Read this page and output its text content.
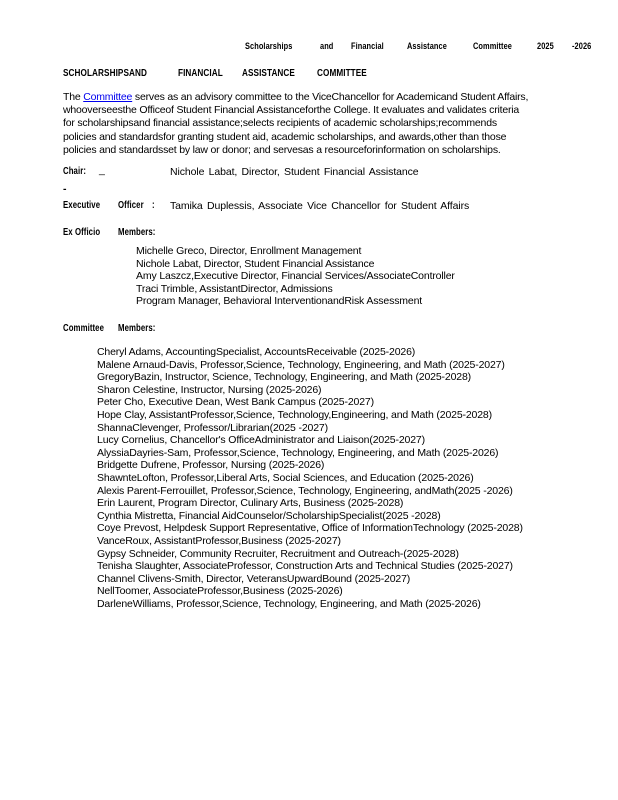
Scholarships	and Financial Assistance	Committee	2025 -2026
SCHOLARSHIPSAND	FINANCIAL ASSISTANCE COMMITTEE
The Committee serves as an advisory committee to the ViceChancellor for Academicand Student Affairs,
whooverseesthe Officeof Student Financial Assistanceforthe College. It evaluates and validates criteria
for scholarshipsand financial assistance;selects recipients of academic scholarships;recommends
policies and standardsfor granting student aid, academic scholarships, and awards,other than those
policies and standardsset by law or donor; and servesas a resourceforinformation on scholarships.
Chair: _	Nichole Labat, Director, Student Financial Assistance
-
Executive Officer : Tamika Duplessis, Associate Vice Chancellor for Student Affairs
Ex Officio Members:
Michelle Greco, Director, Enrollment Management
Nichole Labat, Director, Student Financial Assistance
Amy Laszcz,Executive Director, Financial Services/AssociateController
Traci Trimble, AssistantDirector, Admissions
Program Manager, Behavioral InterventionandRisk Assessment
Committee Members:
Cheryl Adams, AccountingSpecialist, AccountsReceivable (2025-2026)
Malene Arnaud-Davis, Professor,Science, Technology, Engineering, and Math (2025-2027)
GregoryBazin, Instructor, Science, Technology, Engineering, and Math (2025-2028)
Sharon Celestine, Instructor, Nursing (2025-2026)
Peter Cho, Executive Dean, West Bank Campus (2025-2027)
Hope Clay, AssistantProfessor,Science, Technology,Engineering, and Math (2025-2028)
ShannaClevenger, Professor/Librarian(2025 -2027)
Lucy Cornelius, Chancellor's OfficeAdministrator and Liaison(2025-2027)
AlyssiaDayries-Sam, Professor,Science, Technology, Engineering, and Math (2025-2026)
Bridgette Dufrene, Professor, Nursing (2025-2026)
ShawnteLofton, Professor,Liberal Arts, Social Sciences, and Education (2025-2026)
Alexis Parent-Ferrouillet, Professor,Science, Technology, Engineering, andMath(2025 -2026)
Erin Laurent, Program Director, Culinary Arts, Business (2025-2028)
Cynthia Mistretta, Financial AidCounselor/ScholarshipSpecialist(2025 -2028)
Coye Prevost, Helpdesk Support Representative, Office of InformationTechnology (2025-2028)
VanceRoux, AssistantProfessor,Business (2025-2027)
Gypsy Schneider, Community Recruiter, Recruitment and Outreach-(2025-2028)
Tenisha Slaughter, AssociateProfessor, Construction Arts and Technical Studies (2025-2027)
Channel Clivens-Smith, Director, VeteransUpwardBound (2025-2027)
NellToomer, AssociateProfessor,Business (2025-2026)
DarleneWilliams, Professor,Science, Technology, Engineering, and Math (2025-2026)
